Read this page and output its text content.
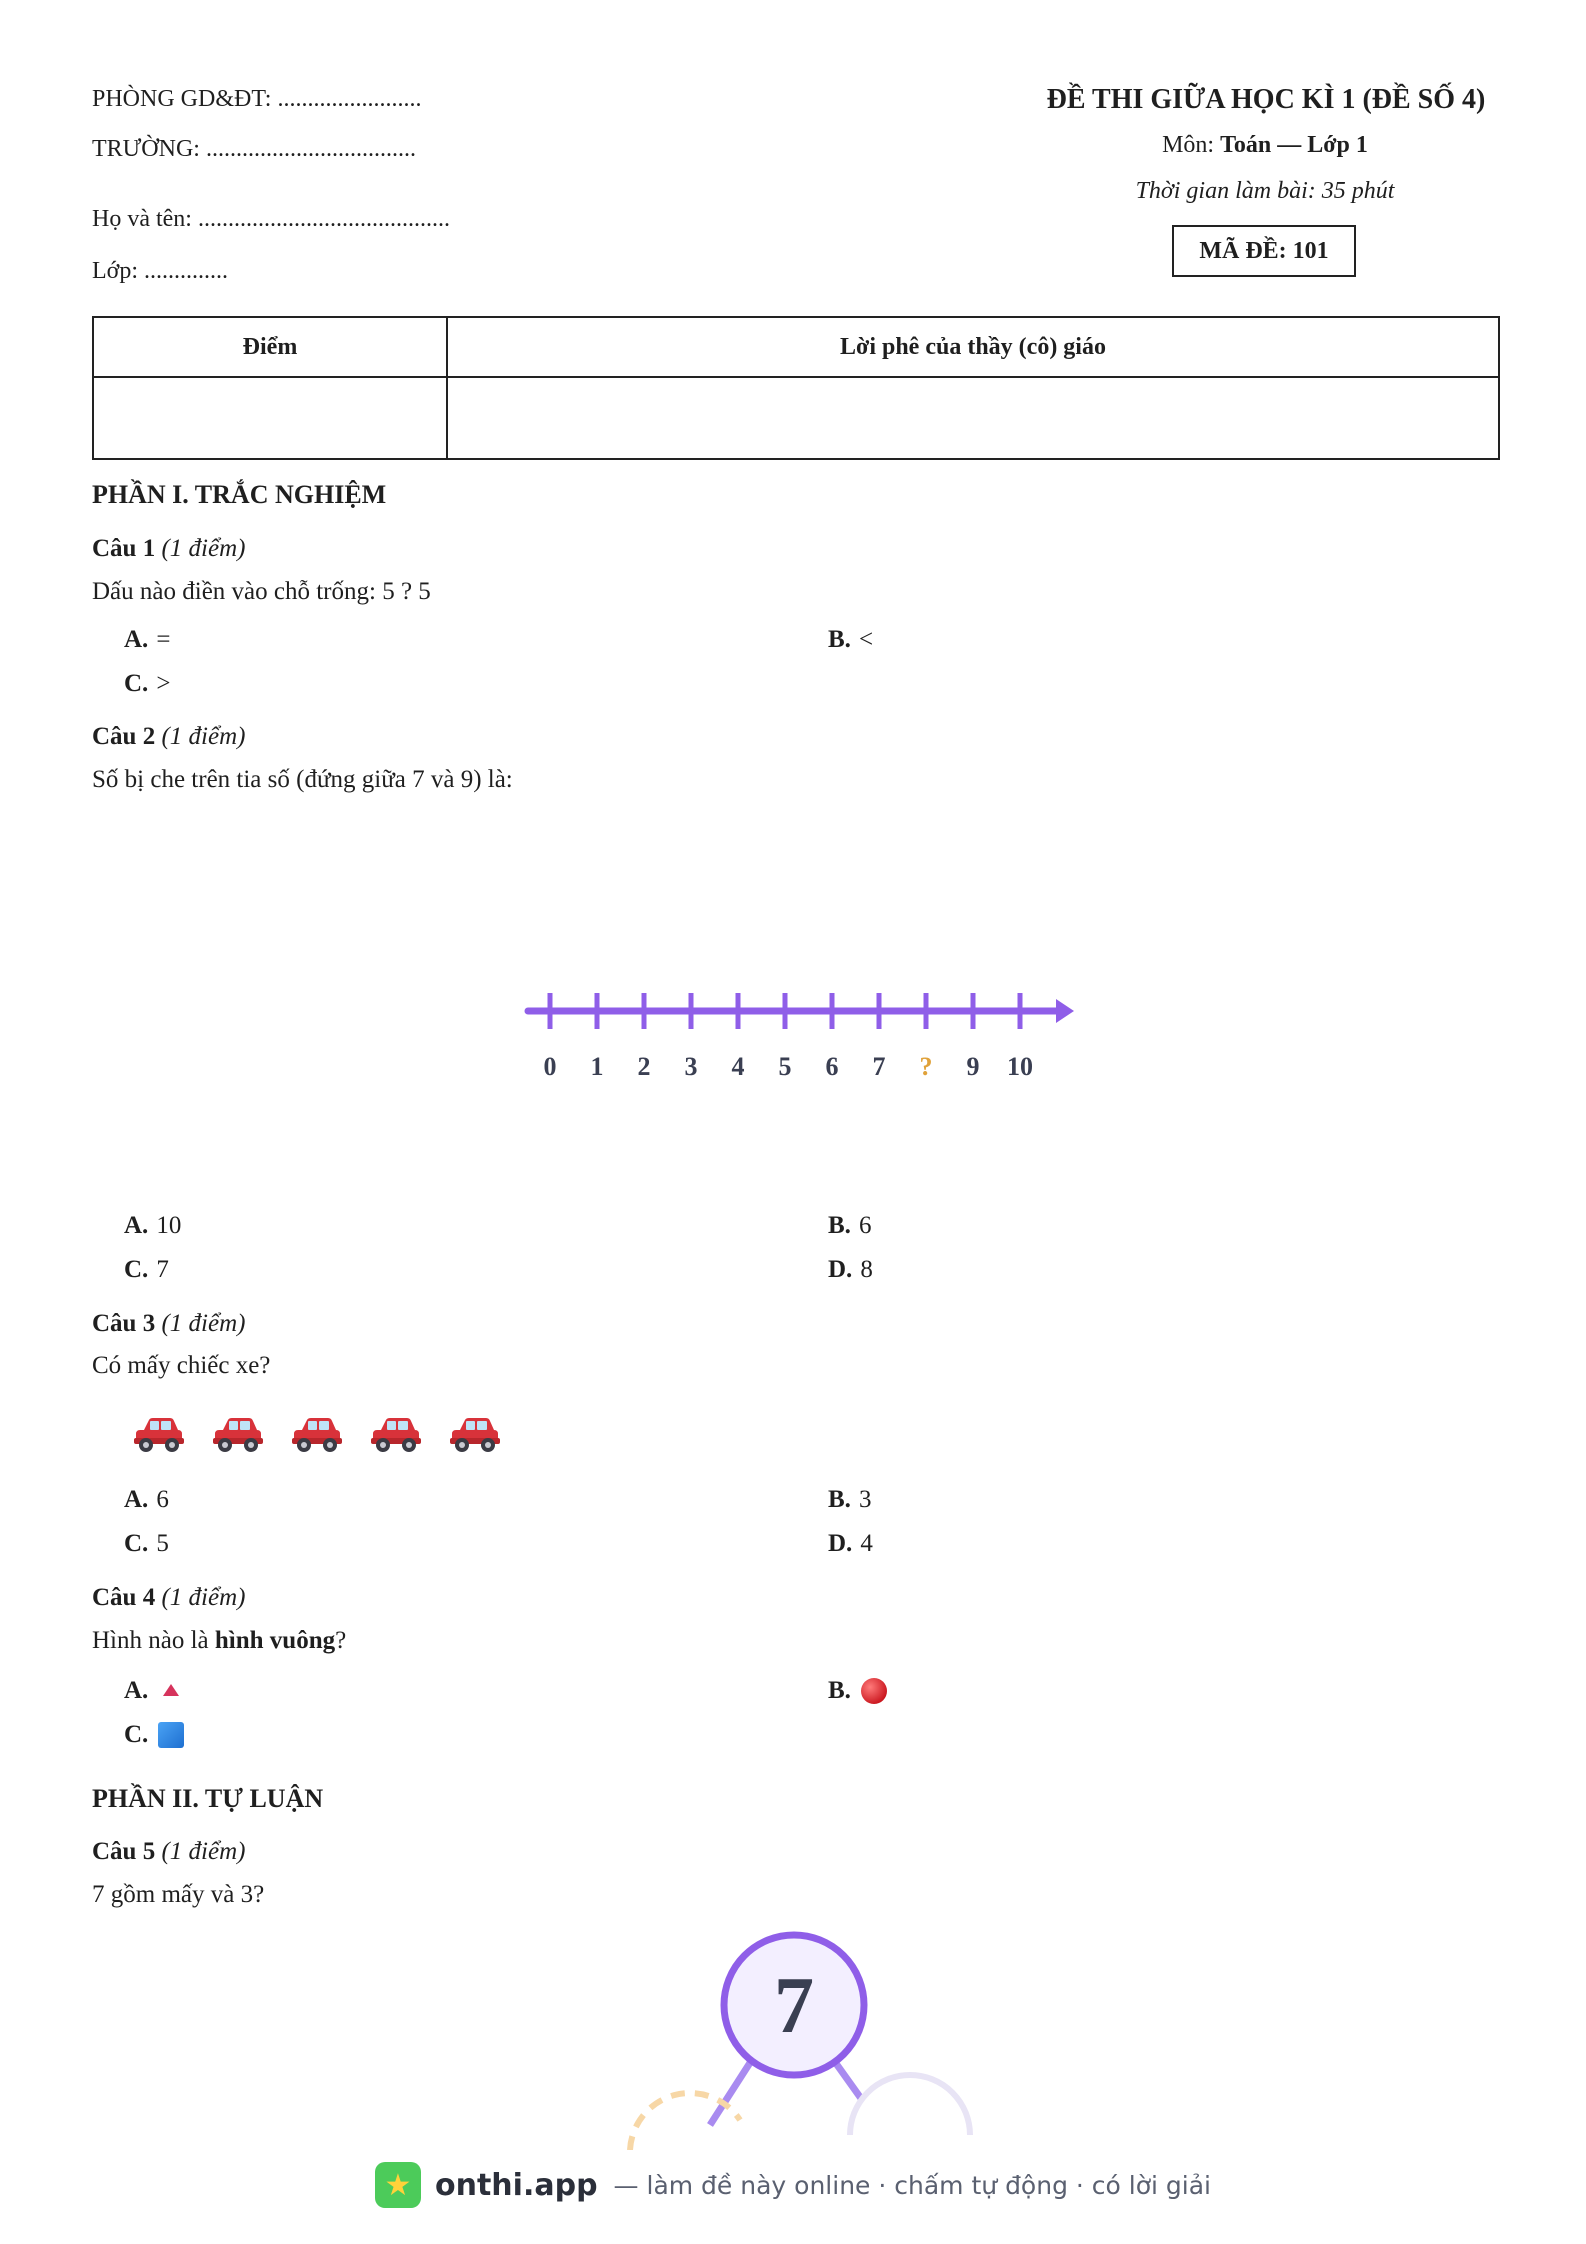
PHÒNG GD&ĐT: ........................
TRƯỜNG: ...................................
Họ và tên: ..........................................
Lớp: ..............
ĐỀ THI GIỮA HỌC KÌ 1 (ĐỀ SỐ 4)
Môn: Toán — Lớp 1
Thời gian làm bài: 35 phút
MÃ ĐỀ: 101
Điểm	Lời phê của thầy (cô) giáo

PHẦN I. TRẮC NGHIỆM
Câu 1 (1 điểm)
Dấu nào điền vào chỗ trống: 5 ? 5
A. =	B. <
C. >
Câu 2 (1 điểm)
Số bị che trên tia số (đứng giữa 7 và 9) là:
0 1 2 3 4 5 6 7 ? 9 10
A. 10	B. 6
C. 7	D. 8
Câu 3 (1 điểm)
Có mấy chiếc xe?
A. 6	B. 3
C. 5	D. 4
Câu 4 (1 điểm)
Hình nào là hình vuông?
A.	B.
C.
PHẦN II. TỰ LUẬN
Câu 5 (1 điểm)
7 gồm mấy và 3?
7
★ onthi.app — làm đề này online · chấm tự động · có lời giải
